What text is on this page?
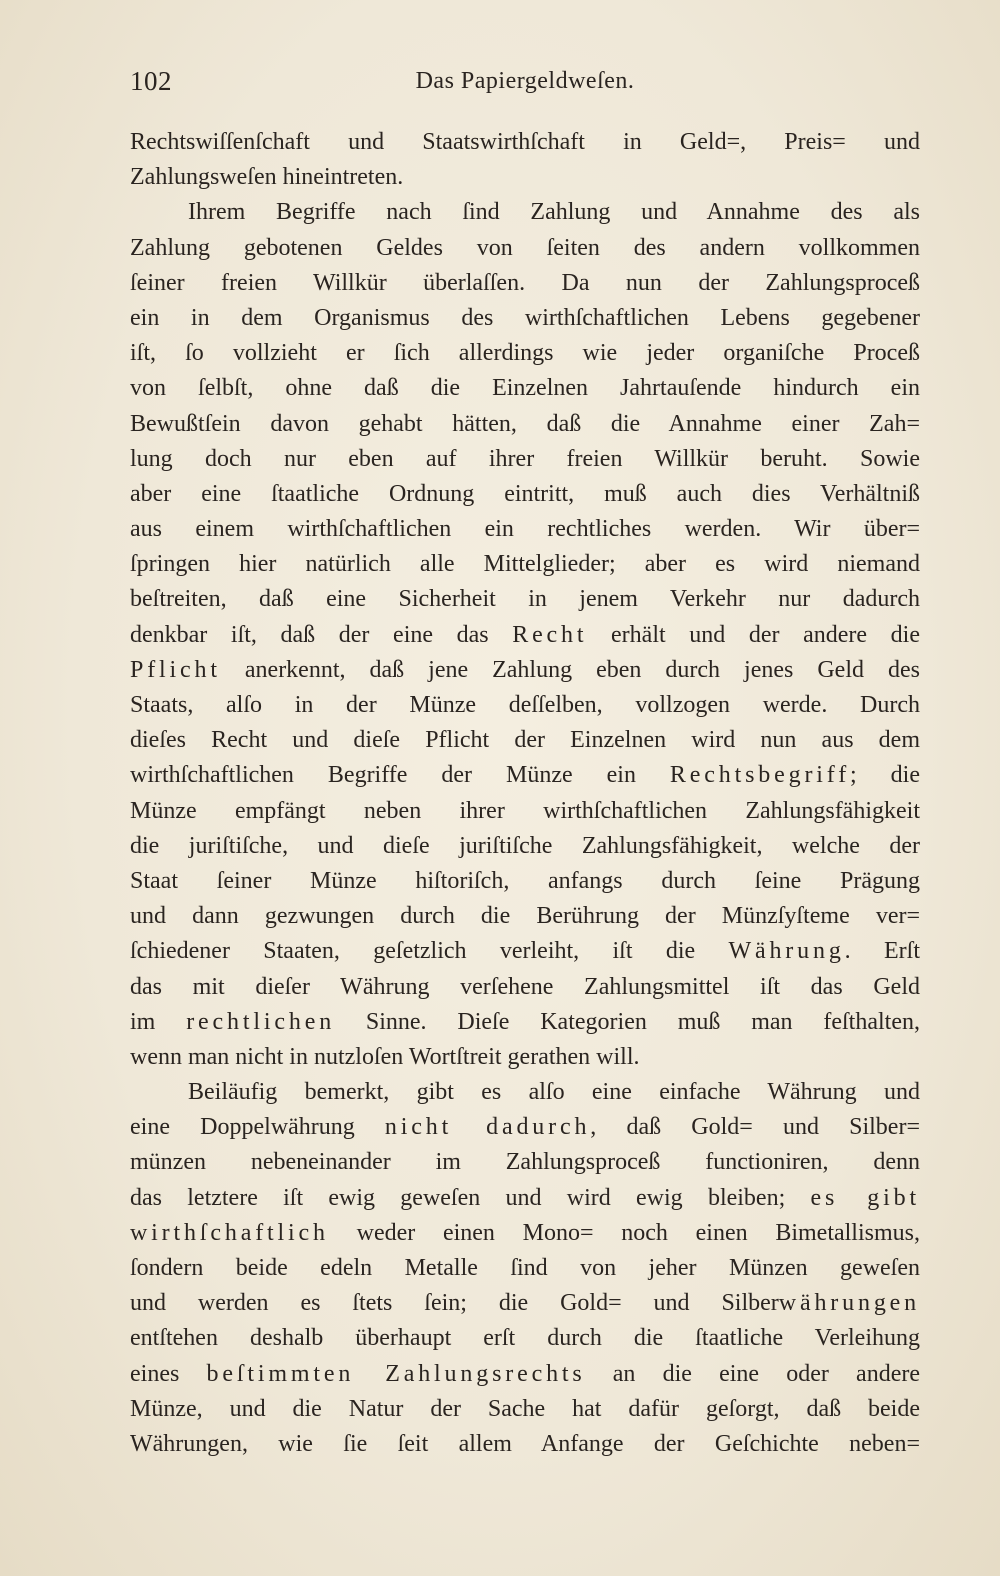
102	Das Papiergeldweſen.
Rechtswiſſenſchaft und Staatswirthſchaft in Geld=, Preis= und
Zahlungsweſen hineintreten.
Ihrem Begriffe nach ſind Zahlung und Annahme des als
Zahlung gebotenen Geldes von ſeiten des andern vollkommen
ſeiner freien Willkür überlaſſen. Da nun der Zahlungsproceß
ein in dem Organismus des wirthſchaftlichen Lebens gegebener
iſt, ſo vollzieht er ſich allerdings wie jeder organiſche Proceß
von ſelbſt, ohne daß die Einzelnen Jahrtauſende hindurch ein
Bewußtſein davon gehabt hätten, daß die Annahme einer Zah=
lung doch nur eben auf ihrer freien Willkür beruht. Sowie
aber eine ſtaatliche Ordnung eintritt, muß auch dies Verhältniß
aus einem wirthſchaftlichen ein rechtliches werden. Wir über=
ſpringen hier natürlich alle Mittelglieder; aber es wird niemand
beſtreiten, daß eine Sicherheit in jenem Verkehr nur dadurch
denkbar iſt, daß der eine das Recht erhält und der andere die
Pflicht anerkennt, daß jene Zahlung eben durch jenes Geld des
Staats, alſo in der Münze deſſelben, vollzogen werde. Durch
dieſes Recht und dieſe Pflicht der Einzelnen wird nun aus dem
wirthſchaftlichen Begriffe der Münze ein Rechtsbegriff; die
Münze empfängt neben ihrer wirthſchaftlichen Zahlungsfähigkeit
die juriſtiſche, und dieſe juriſtiſche Zahlungsfähigkeit, welche der
Staat ſeiner Münze hiſtoriſch, anfangs durch ſeine Prägung
und dann gezwungen durch die Berührung der Münzſyſteme ver=
ſchiedener Staaten, geſetzlich verleiht, iſt die Währung. Erſt
das mit dieſer Währung verſehene Zahlungsmittel iſt das Geld
im rechtlichen Sinne. Dieſe Kategorien muß man feſthalten,
wenn man nicht in nutzloſen Wortſtreit gerathen will.
Beiläufig bemerkt, gibt es alſo eine einfache Währung und
eine Doppelwährung nicht dadurch, daß Gold= und Silber=
münzen nebeneinander im Zahlungsproceß functioniren, denn
das letztere iſt ewig geweſen und wird ewig bleiben; es gibt
wirthſchaftlich weder einen Mono= noch einen Bimetallismus,
ſondern beide edeln Metalle ſind von jeher Münzen geweſen
und werden es ſtets ſein; die Gold= und Silberwährungen
entſtehen deshalb überhaupt erſt durch die ſtaatliche Verleihung
eines beſtimmten Zahlungsrechts an die eine oder andere
Münze, und die Natur der Sache hat dafür geſorgt, daß beide
Währungen, wie ſie ſeit allem Anfange der Geſchichte neben=
